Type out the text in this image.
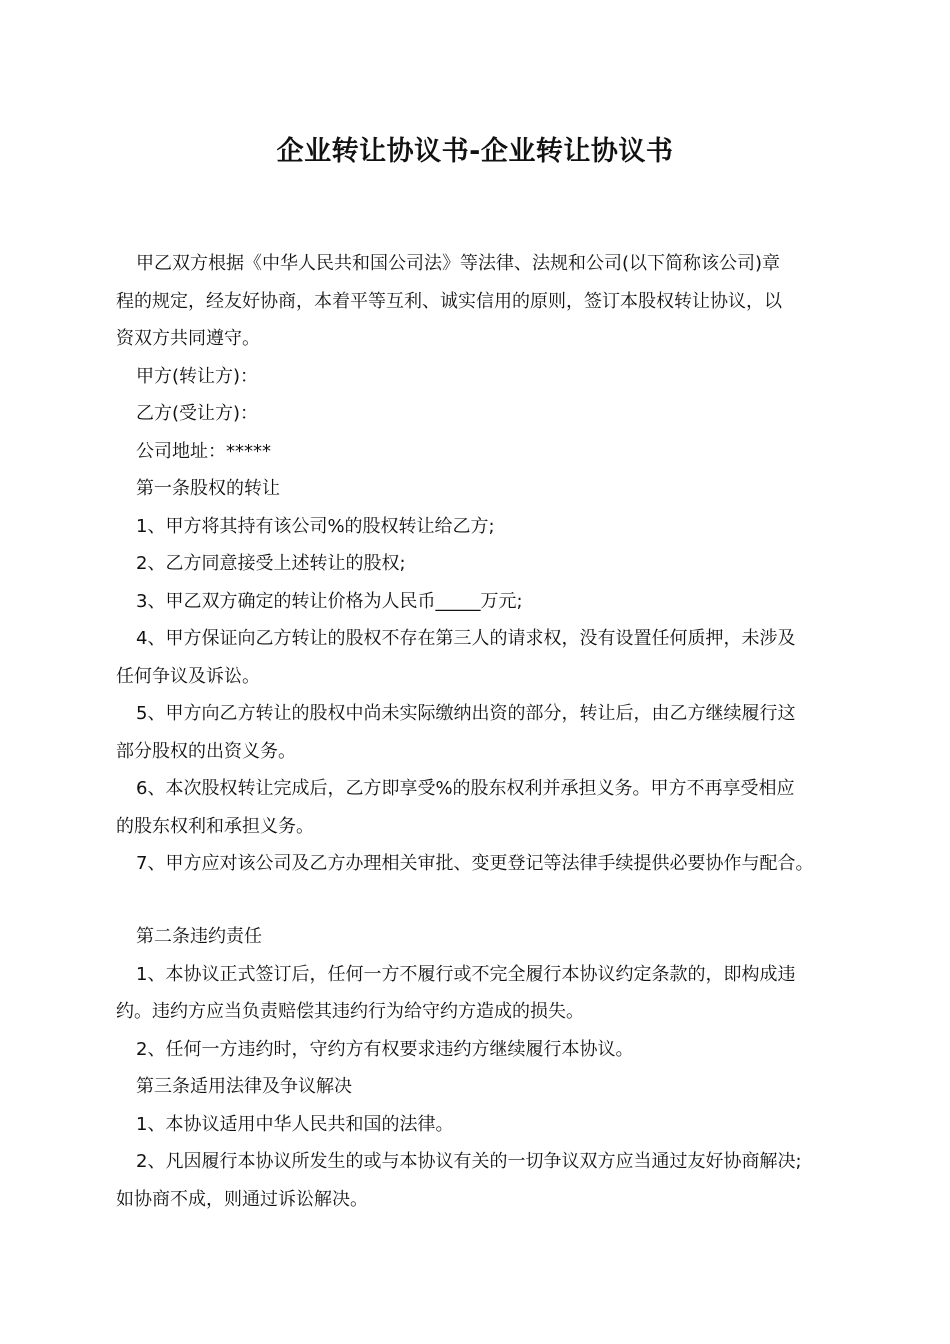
企业转让协议书-企业转让协议书
甲乙双方根据《中华人民共和国公司法》等法律、法规和公司(以下简称该公司)章
程的规定，经友好协商，本着平等互利、诚实信用的原则，签订本股权转让协议，以
资双方共同遵守。
甲方(转让方)：
乙方(受让方)：
公司地址：*****
第一条股权的转让
1、甲方将其持有该公司%的股权转让给乙方;
2、乙方同意接受上述转让的股权;
3、甲乙双方确定的转让价格为人民币_____万元;
4、甲方保证向乙方转让的股权不存在第三人的请求权，没有设置任何质押，未涉及
任何争议及诉讼。
5、甲方向乙方转让的股权中尚未实际缴纳出资的部分，转让后，由乙方继续履行这
部分股权的出资义务。
6、本次股权转让完成后，乙方即享受%的股东权利并承担义务。甲方不再享受相应
的股东权利和承担义务。
7、甲方应对该公司及乙方办理相关审批、变更登记等法律手续提供必要协作与配合。
第二条违约责任
1、本协议正式签订后，任何一方不履行或不完全履行本协议约定条款的，即构成违
约。违约方应当负责赔偿其违约行为给守约方造成的损失。
2、任何一方违约时，守约方有权要求违约方继续履行本协议。
第三条适用法律及争议解决
1、本协议适用中华人民共和国的法律。
2、凡因履行本协议所发生的或与本协议有关的一切争议双方应当通过友好协商解决;
如协商不成，则通过诉讼解决。
